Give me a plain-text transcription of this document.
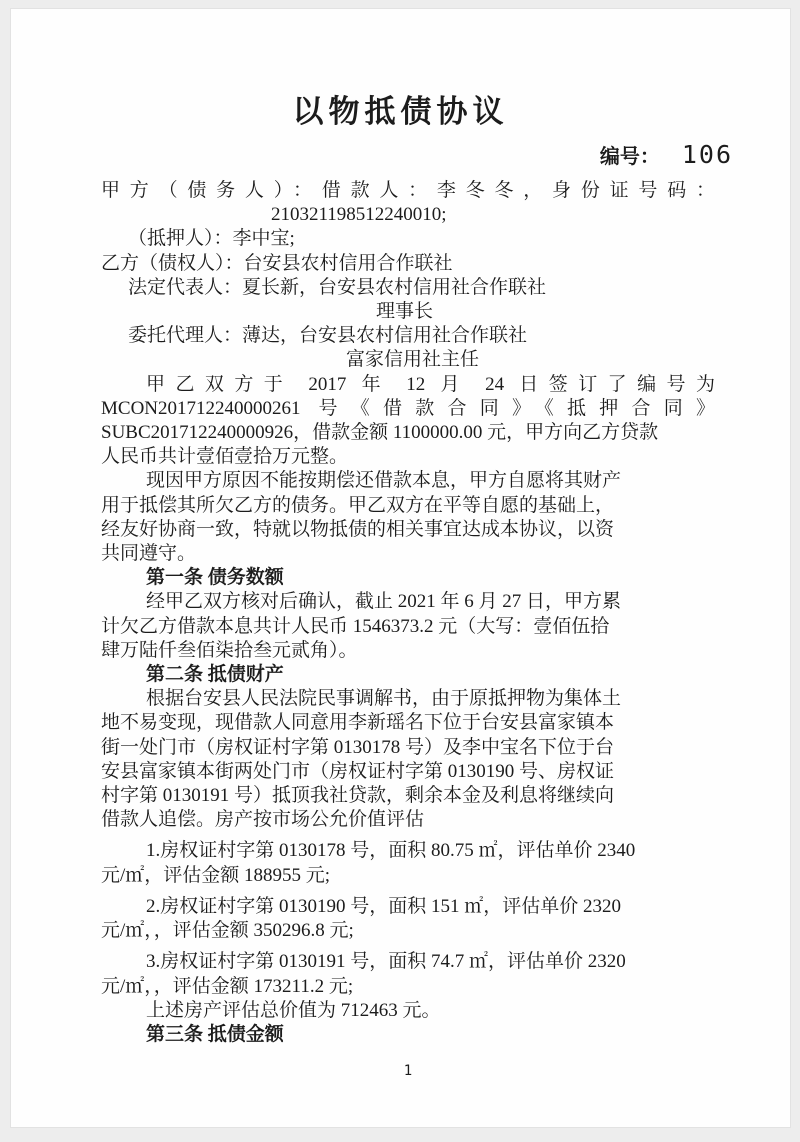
以物抵债协议
编号： 106
甲方（债务人）：借款人：李冬冬，身份证号码：
210321198512240010;
（抵押人）：李中宝;
乙方（债权人）：台安县农村信用合作联社
法定代表人：夏长新，台安县农村信用社合作联社
理事长
委托代理人：薄达，台安县农村信用社合作联社
富家信用社主任
甲乙双方于 2017 年 12 月 24 日签订了编号为
MCON201712240000261 号《借款合同》《抵押合同》
SUBC201712240000926，借款金额 1100000.00 元，甲方向乙方贷款
人民币共计壹佰壹拾万元整。
现因甲方原因不能按期偿还借款本息，甲方自愿将其财产
用于抵偿其所欠乙方的债务。甲乙双方在平等自愿的基础上，
经友好协商一致，特就以物抵债的相关事宜达成本协议，以资
共同遵守。
第一条 债务数额
经甲乙双方核对后确认，截止 2021 年 6 月 27 日，甲方累
计欠乙方借款本息共计人民币 1546373.2 元（大写：壹佰伍拾
肆万陆仟叁佰柒拾叁元贰角）。
第二条 抵债财产
根据台安县人民法院民事调解书，由于原抵押物为集体土
地不易变现，现借款人同意用李新瑶名下位于台安县富家镇本
街一处门市（房权证村字第 0130178 号）及李中宝名下位于台
安县富家镇本街两处门市（房权证村字第 0130190 号、房权证
村字第 0130191 号）抵顶我社贷款，剩余本金及利息将继续向
借款人追偿。房产按市场公允价值评估
1.房权证村字第 0130178 号，面积 80.75 ㎡，评估单价 2340
元/㎡，评估金额 188955 元;
2.房权证村字第 0130190 号，面积 151 ㎡，评估单价 2320
元/㎡，，评估金额 350296.8 元;
3.房权证村字第 0130191 号，面积 74.7 ㎡，评估单价 2320
元/㎡，，评估金额 173211.2 元;
上述房产评估总价值为 712463 元。
第三条 抵债金额
1
